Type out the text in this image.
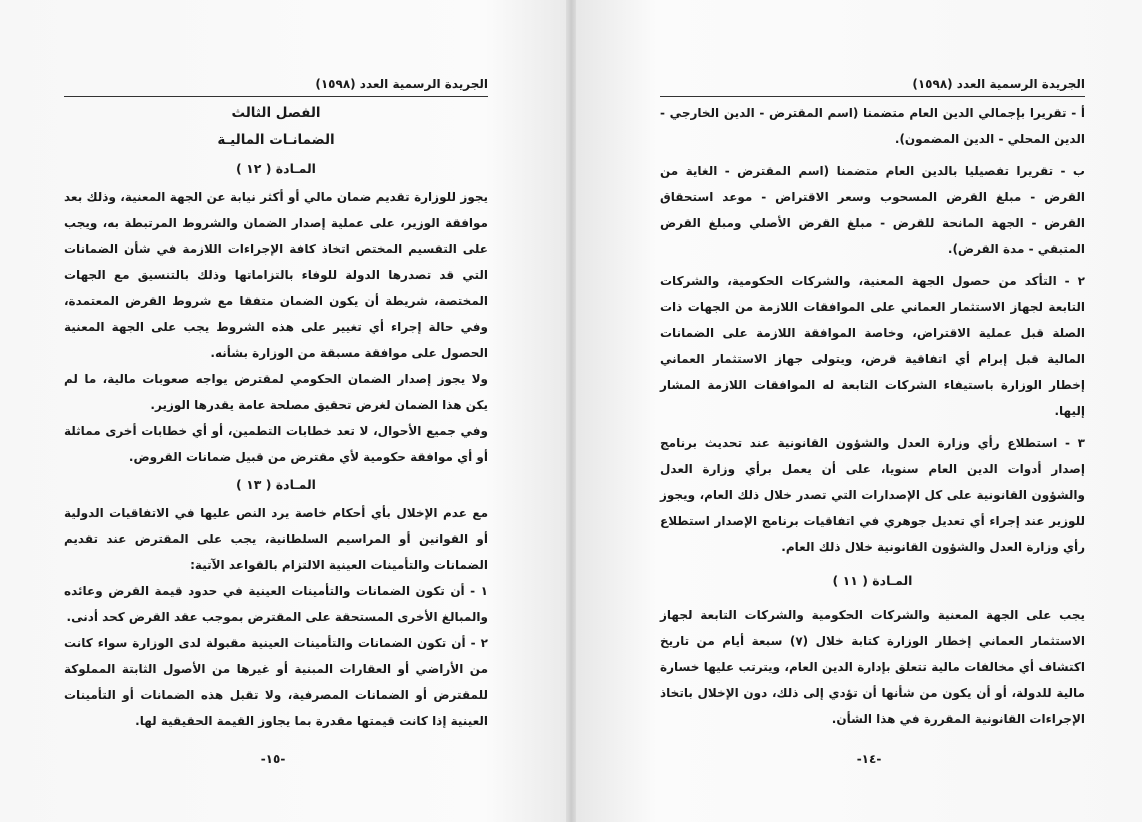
الجريدة الرسمية العدد (١٥٩٨)

الفصل الثالث

الضمانـات الماليـة

المـادة ( ١٢ )

يجوز للوزارة تقديم ضمان مالي أو أكثر نيابة عن الجهة المعنية، وذلك بعد موافقة الوزير، على عملية إصدار الضمان والشروط المرتبطة به، ويجب على التقسيم المختص اتخاذ كافة الإجراءات اللازمة في شأن الضمانات التي قد تصدرها الدولة للوفاء بالتزاماتها وذلك بالتنسيق مع الجهات المختصة، شريطة أن يكون الضمان متفقا مع شروط القرض المعتمدة، وفي حالة إجراء أي تغيير على هذه الشروط يجب على الجهة المعنية الحصول على موافقة مسبقة من الوزارة بشأنه.

ولا يجوز إصدار الضمان الحكومي لمقترض يواجه صعوبات مالية، ما لم يكن هذا الضمان لغرض تحقيق مصلحة عامة يقدرها الوزير.

وفي جميع الأحوال، لا تعد خطابات التطمين، أو أي خطابات أخرى مماثلة أو أي موافقة حكومية لأي مقترض من قبيل ضمانات القروض.

المـادة ( ١٣ )

مع عدم الإخلال بأي أحكام خاصة يرد النص عليها في الاتفاقيات الدولية أو القوانين أو المراسيم السلطانية، يجب على المقترض عند تقديم الضمانات والتأمينات العينية الالتزام بالقواعد الآتية:

١ - أن تكون الضمانات والتأمينات العينية في حدود قيمة القرض وعائده والمبالغ الأخرى المستحقة على المقترض بموجب عقد القرض كحد أدنى.

٢ - أن تكون الضمانات والتأمينات العينية مقبولة لدى الوزارة سواء كانت من الأراضي أو العقارات المبنية أو غيرها من الأصول الثابتة المملوكة للمقترض أو الضمانات المصرفية، ولا تقبل هذه الضمانات أو التأمينات العينية إذا كانت قيمتها مقدرة بما يجاوز القيمة الحقيقية لها.

-١٥-
الجريدة الرسمية العدد (١٥٩٨)

أ - تقريرا بإجمالي الدين العام متضمنا (اسم المقترض - الدين الخارجي - الدين المحلي - الدين المضمون).

ب - تقريرا تفصيليا بالدين العام متضمنا (اسم المقترض - الغاية من القرض - مبلغ القرض المسحوب وسعر الاقتراض - موعد استحقاق القرض - الجهة المانحة للقرض - مبلغ القرض الأصلي ومبلغ القرض المتبقي - مدة القرض).

٢ - التأكد من حصول الجهة المعنية، والشركات الحكومية، والشركات التابعة لجهاز الاستثمار العماني على الموافقات اللازمة من الجهات ذات الصلة قبل عملية الاقتراض، وخاصة الموافقة اللازمة على الضمانات المالية قبل إبرام أي اتفاقية قرض، ويتولى جهاز الاستثمار العماني إخطار الوزارة باستيفاء الشركات التابعة له الموافقات اللازمة المشار إليها.

٣ - استطلاع رأي وزارة العدل والشؤون القانونية عند تحديث برنامج إصدار أدوات الدين العام سنويا، على أن يعمل برأي وزارة العدل والشؤون القانونية على كل الإصدارات التي تصدر خلال ذلك العام، ويجوز للوزير عند إجراء أي تعديل جوهري في اتفاقيات برنامج الإصدار استطلاع رأي وزارة العدل والشؤون القانونية خلال ذلك العام.

المـادة ( ١١ )

يجب على الجهة المعنية والشركات الحكومية والشركات التابعة لجهاز الاستثمار العماني إخطار الوزارة كتابة خلال (٧) سبعة أيام من تاريخ اكتشاف أي مخالفات مالية تتعلق بإدارة الدين العام، ويترتب عليها خسارة مالية للدولة، أو أن يكون من شأنها أن تؤدي إلى ذلك، دون الإخلال باتخاذ الإجراءات القانونية المقررة في هذا الشأن.

-١٤-
